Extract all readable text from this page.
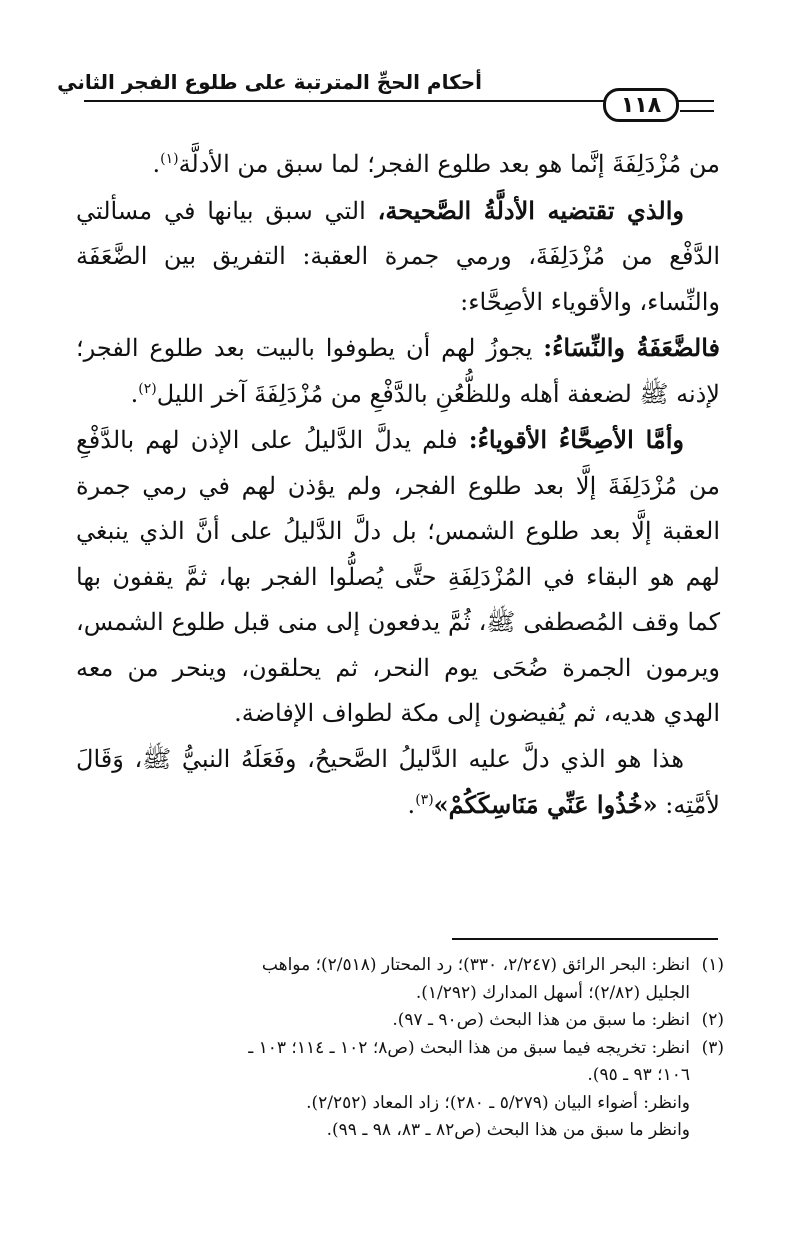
أحكام الحجِّ المترتبة على طلوع الفجر الثاني
١١٨

من مُزْدَلِفَةَ إنَّما هو بعد طلوع الفجر؛ لما سبق من الأدلَّة$^{(١)}$.

والذي تقتضيه الأدلَّةُ الصَّحيحة، التي سبق بيانها في مسألتي الدَّفْع من مُزْدَلِفَةَ، ورمي جمرة العقبة: التفريق بين الضَّعَفَة والنِّساء، والأقوياء الأصِحَّاء:

فالضَّعَفَةُ والنِّسَاءُ: يجوزُ لهم أن يطوفوا بالبيت بعد طلوع الفجر؛ لإذنه ﷺ لضعفة أهله وللظُّعُنِ بالدَّفْعِ من مُزْدَلِفَةَ آخر الليل$^{(٢)}$.

وأمَّا الأصِحَّاءُ الأقوياءُ: فلم يدلَّ الدَّليلُ على الإذن لهم بالدَّفْعِ من مُزْدَلِفَةَ إلَّا بعد طلوع الفجر، ولم يؤذن لهم في رمي جمرة العقبة إلَّا بعد طلوع الشمس؛ بل دلَّ الدَّليلُ على أنَّ الذي ينبغي لهم هو البقاء في المُزْدَلِفَةِ حتَّى يُصلُّوا الفجر بها، ثمَّ يقفون بها كما وقف المُصطفى ﷺ، ثُمَّ يدفعون إلى منى قبل طلوع الشمس، ويرمون الجمرة ضُحَى يوم النحر، ثم يحلقون، وينحر من معه الهدي هديه، ثم يُفيضون إلى مكة لطواف الإفاضة.

هذا هو الذي دلَّ عليه الدَّليلُ الصَّحيحُ، وفَعَلَهُ النبيُّ ﷺ، وَقَالَ لأمَّتِه: «خُذُوا عَنِّي مَنَاسِكَكُمْ»$^{(٣)}$.

(١)
انظر: البحر الرائق (٢/٢٤٧، ٣٣٠)؛ رد المحتار (٢/٥١٨)؛ مواهب
الجليل (٢/٨٢)؛ أسهل المدارك (١/٢٩٢).
(٢)
انظر: ما سبق من هذا البحث (ص٩٠ ـ ٩٧).
(٣)
انظر: تخريجه فيما سبق من هذا البحث (ص٨؛ ١٠٢ ـ ١١٤؛ ١٠٣ ـ
١٠٦؛ ٩٣ ـ ٩٥).
وانظر: أضواء البيان (٥/٢٧٩ ـ ٢٨٠)؛ زاد المعاد (٢/٢٥٢).
وانظر ما سبق من هذا البحث (ص٨٢ ـ ٨٣، ٩٨ ـ ٩٩).
